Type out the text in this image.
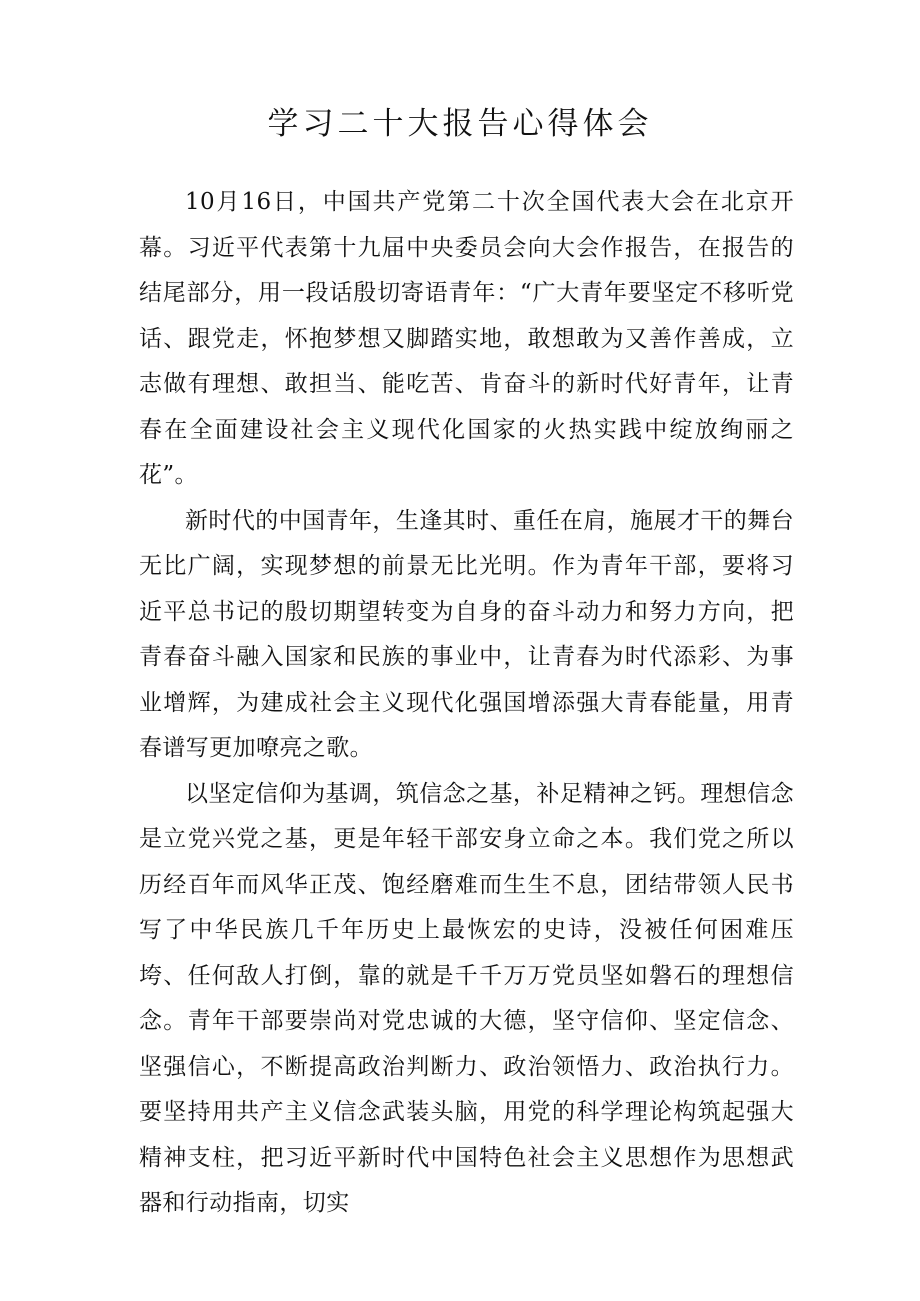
学习二十大报告心得体会

10月16日，中国共产党第二十次全国代表大会在北京开幕。习近平代表第十九届中央委员会向大会作报告，在报告的结尾部分，用一段话殷切寄语青年：“广大青年要坚定不移听党话、跟党走，怀抱梦想又脚踏实地，敢想敢为又善作善成，立志做有理想、敢担当、能吃苦、肯奋斗的新时代好青年，让青春在全面建设社会主义现代化国家的火热实践中绽放绚丽之花”。

新时代的中国青年，生逢其时、重任在肩，施展才干的舞台无比广阔，实现梦想的前景无比光明。作为青年干部，要将习近平总书记的殷切期望转变为自身的奋斗动力和努力方向，把青春奋斗融入国家和民族的事业中，让青春为时代添彩、为事业增辉，为建成社会主义现代化强国增添强大青春能量，用青春谱写更加嘹亮之歌。

以坚定信仰为基调，筑信念之基，补足精神之钙。理想信念是立党兴党之基，更是年轻干部安身立命之本。我们党之所以历经百年而风华正茂、饱经磨难而生生不息，团结带领人民书写了中华民族几千年历史上最恢宏的史诗，没被任何困难压垮、任何敌人打倒，靠的就是千千万万党员坚如磐石的理想信念。青年干部要崇尚对党忠诚的大德，坚守信仰、坚定信念、坚强信心，不断提高政治判断力、政治领悟力、政治执行力。要坚持用共产主义信念武装头脑，用党的科学理论构筑起强大精神支柱，把习近平新时代中国特色社会主义思想作为思想武器和行动指南，切实
